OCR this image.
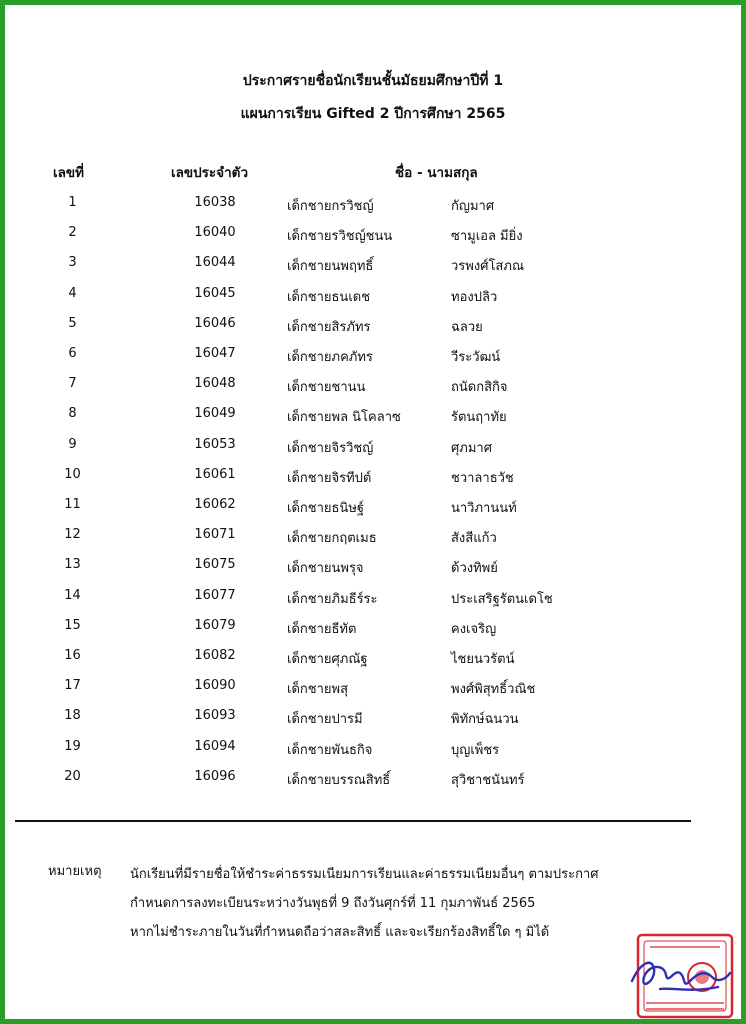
ประกาศรายชื่อนักเรียนชั้นมัธยมศึกษาปีที่ 1
แผนการเรียน Gifted 2 ปีการศึกษา 2565
เลขที่	เลขประจำตัว	ชื่อ - นามสกุล
1	16038	เด็กชายกรวิชญ์	กัญมาศ
2	16040	เด็กชายรวิชญ์ชนน	ซามูเอล มียิ่ง
3	16044	เด็กชายนพฤทธิ์	วรพงศ์โสภณ
4	16045	เด็กชายธนเดช	ทองปลิว
5	16046	เด็กชายสิรภัทร	ฉลวย
6	16047	เด็กชายภคภัทร	วีระวัฒน์
7	16048	เด็กชายชานน	ถนัดกสิกิจ
8	16049	เด็กชายพล นิโคลาซ	รัตนฤาทัย
9	16053	เด็กชายจิรวิชญ์	ศุภมาศ
10	16061	เด็กชายจิรทีปต์	ชวาลาธวัช
11	16062	เด็กชายธนิษฐ์	นาวิภานนท์
12	16071	เด็กชายกฤตเมธ	สังสีแก้ว
13	16075	เด็กชายนพรุจ	ด้วงทิพย์
14	16077	เด็กชายภิมธีร์ระ	ประเสริฐรัตนเดโช
15	16079	เด็กชายธีทัต	คงเจริญ
16	16082	เด็กชายศุภณัฐ	ไชยนวรัตน์
17	16090	เด็กชายพสุ	พงศ์พิสุทธิ์วณิช
18	16093	เด็กชายปารมี	พิทักษ์ฉนวน
19	16094	เด็กชายพันธกิจ	บุญเพ็ชร
20	16096	เด็กชายบรรณสิทธิ์	สุวิชาชนันทร์
หมายเหตุ นักเรียนที่มีรายชื่อให้ชำระค่าธรรมเนียมการเรียนและค่าธรรมเนียมอื่นๆ ตามประกาศ
กำหนดการลงทะเบียนระหว่างวันพุธที่ 9 ถึงวันศุกร์ที่ 11 กุมภาพันธ์ 2565
หากไม่ชำระภายในวันที่กำหนดถือว่าสละสิทธิ์ และจะเรียกร้องสิทธิ์ใด ๆ มิได้
